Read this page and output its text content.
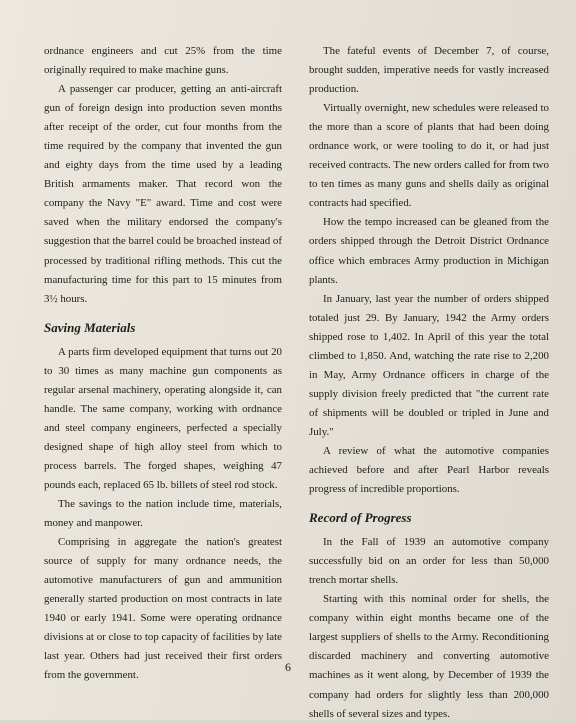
ordnance engineers and cut 25% from the time originally required to make machine guns.

A passenger car producer, getting an anti-aircraft gun of foreign design into production seven months after receipt of the order, cut four months from the time required by the company that invented the gun and eighty days from the time used by a leading British armaments maker. That record won the company the Navy "E" award. Time and cost were saved when the military endorsed the company's suggestion that the barrel could be broached instead of processed by traditional rifling methods. This cut the manufacturing time for this part to 15 minutes from 3½ hours.

Saving Materials

A parts firm developed equipment that turns out 20 to 30 times as many machine gun components as regular arsenal machinery, operating alongside it, can handle. The same company, working with ordnance and steel company engineers, perfected a specially designed shape of high alloy steel from which to process barrels. The forged shapes, weighing 47 pounds each, replaced 65 lb. billets of steel rod stock.

The savings to the nation include time, materials, money and manpower.

Comprising in aggregate the nation's greatest source of supply for many ordnance needs, the automotive manufacturers of gun and ammunition generally started production on most contracts in late 1940 or early 1941. Some were operating ordnance divisions at or close to top capacity of facilities by late last year. Others had just received their first orders from the government.

The fateful events of December 7, of course, brought sudden, imperative needs for vastly increased production.

Virtually overnight, new schedules were released to the more than a score of plants that had been doing ordnance work, or were tooling to do it, or had just received contracts. The new orders called for from two to ten times as many guns and shells daily as original contracts had specified.

How the tempo increased can be gleaned from the orders shipped through the Detroit District Ordnance office which embraces Army production in Michigan plants.

In January, last year the number of orders shipped totaled just 29. By January, 1942 the Army orders shipped rose to 1,402. In April of this year the total climbed to 1,850. And, watching the rate rise to 2,200 in May, Army Ordnance officers in charge of the supply division freely predicted that "the current rate of shipments will be doubled or tripled in June and July."

A review of what the automotive companies achieved before and after Pearl Harbor reveals progress of incredible proportions.

Record of Progress

In the Fall of 1939 an automotive company successfully bid on an order for less than 50,000 trench mortar shells.

Starting with this nominal order for shells, the company within eight months became one of the largest suppliers of shells to the Army. Reconditioning discarded machinery and converting automotive machines as it went along, by December of 1939 the company had orders for slightly less than 200,000 shells of several sizes and types.

6
